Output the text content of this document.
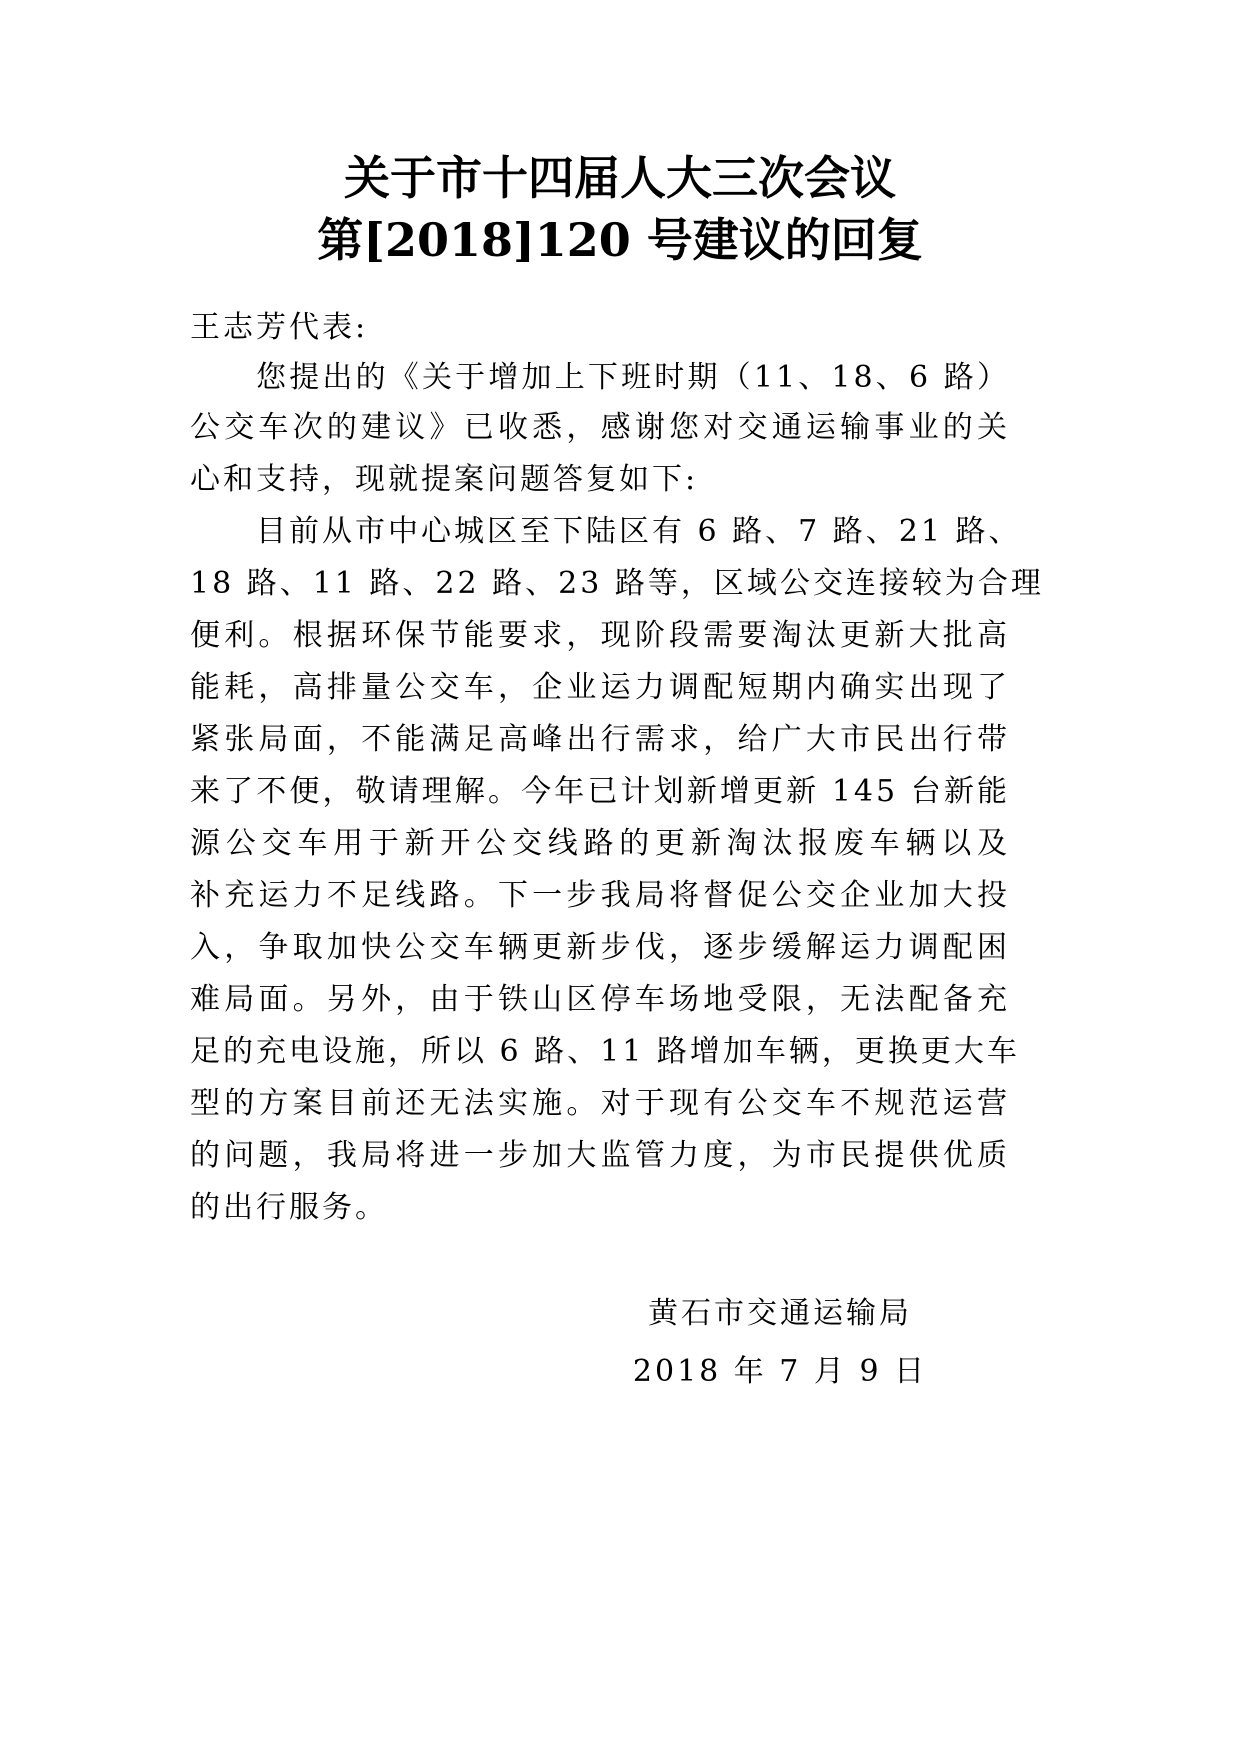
关于市十四届人大三次会议
第[2018]120 号建议的回复
王志芳代表:
您提出的《关于增加上下班时期（11、18、6 路）
公交车次的建议》已收悉，感谢您对交通运输事业的关
心和支持，现就提案问题答复如下:
目前从市中心城区至下陆区有 6 路、7 路、21 路、
18 路、11 路、22 路、23 路等，区域公交连接较为合理
便利。根据环保节能要求，现阶段需要淘汰更新大批高
能耗，高排量公交车，企业运力调配短期内确实出现了
紧张局面，不能满足高峰出行需求，给广大市民出行带
来了不便，敬请理解。今年已计划新增更新 145 台新能
源公交车用于新开公交线路的更新淘汰报废车辆以及
补充运力不足线路。下一步我局将督促公交企业加大投
入，争取加快公交车辆更新步伐，逐步缓解运力调配困
难局面。另外，由于铁山区停车场地受限，无法配备充
足的充电设施，所以 6 路、11 路增加车辆，更换更大车
型的方案目前还无法实施。对于现有公交车不规范运营
的问题，我局将进一步加大监管力度，为市民提供优质
的出行服务。
黄石市交通运输局
2018 年 7 月 9 日
